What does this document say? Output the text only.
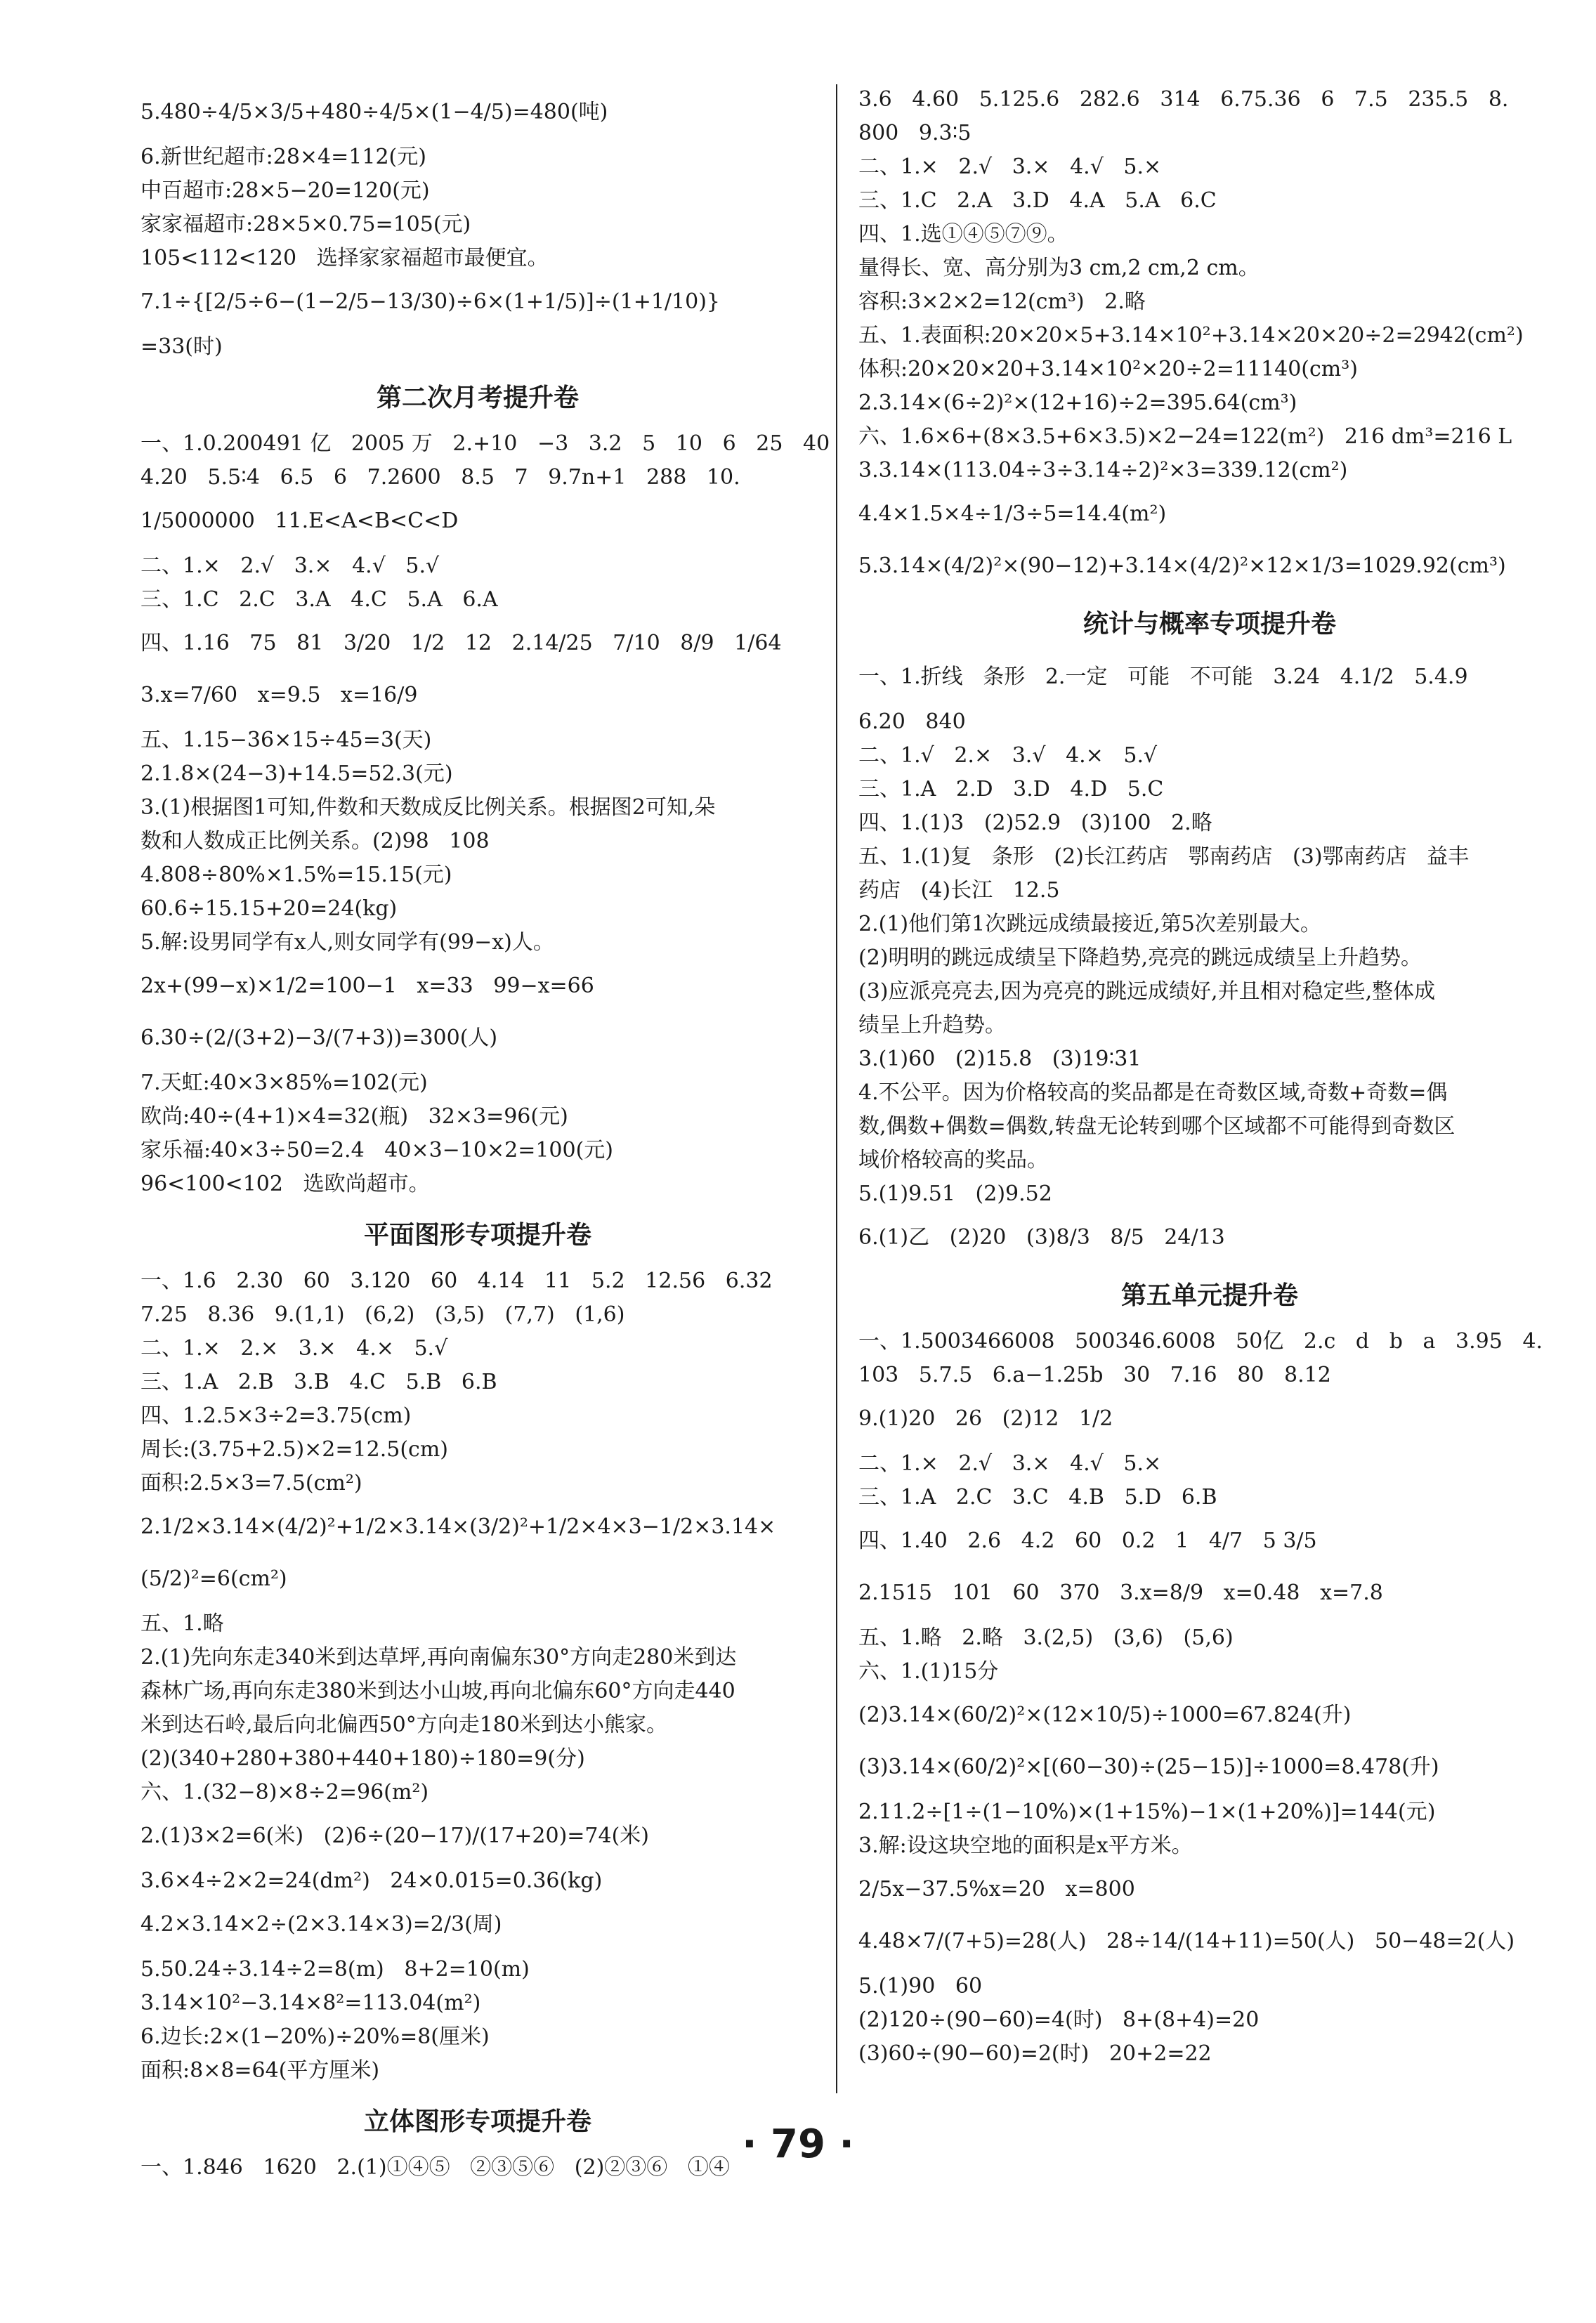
5.480÷4/5×3/5+480÷4/5×(1−4/5)=480(吨)
6.新世纪超市:28×4=112(元)
中百超市:28×5−20=120(元)
家家福超市:28×5×0.75=105(元)
105<112<120   选择家家福超市最便宜。
7.1÷{[2/5÷6−(1−2/5−13/30)÷6×(1+1/5)]÷(1+1/10)}
=33(时)
第二次月考提升卷
一、1.0.200491 亿   2005 万   2.+10   −3   3.2   5   10   6   25   40
4.20   5.5∶4   6.5   6   7.2600   8.5   7   9.7n+1   288   10.
1/5000000   11.E<A<B<C<D
二、1.×   2.√   3.×   4.√   5.√
三、1.C   2.C   3.A   4.C   5.A   6.A
四、1.16   75   81   3/20   1/2   12   2.14/25   7/10   8/9   1/64
3.x=7/60   x=9.5   x=16/9
五、1.15−36×15÷45=3(天)
2.1.8×(24−3)+14.5=52.3(元)
3.(1)根据图1可知,件数和天数成反比例关系。根据图2可知,朵
数和人数成正比例关系。(2)98   108
4.808÷80%×1.5%=15.15(元)
60.6÷15.15+20=24(kg)
5.解:设男同学有x人,则女同学有(99−x)人。
2x+(99−x)×1/2=100−1   x=33   99−x=66
6.30÷(2/(3+2)−3/(7+3))=300(人)
7.天虹:40×3×85%=102(元)
欧尚:40÷(4+1)×4=32(瓶)   32×3=96(元)
家乐福:40×3÷50=2.4   40×3−10×2=100(元)
96<100<102   选欧尚超市。
平面图形专项提升卷
一、1.6   2.30   60   3.120   60   4.14   11   5.2   12.56   6.32
7.25   8.36   9.(1,1)   (6,2)   (3,5)   (7,7)   (1,6)
二、1.×   2.×   3.×   4.×   5.√
三、1.A   2.B   3.B   4.C   5.B   6.B
四、1.2.5×3÷2=3.75(cm)
周长:(3.75+2.5)×2=12.5(cm)
面积:2.5×3=7.5(cm²)
2.1/2×3.14×(4/2)²+1/2×3.14×(3/2)²+1/2×4×3−1/2×3.14×
(5/2)²=6(cm²)
五、1.略
2.(1)先向东走340米到达草坪,再向南偏东30°方向走280米到达
森林广场,再向东走380米到达小山坡,再向北偏东60°方向走440
米到达石岭,最后向北偏西50°方向走180米到达小熊家。
(2)(340+280+380+440+180)÷180=9(分)
六、1.(32−8)×8÷2=96(m²)
2.(1)3×2=6(米)   (2)6÷(20−17)/(17+20)=74(米)
3.6×4÷2×2=24(dm²)   24×0.015=0.36(kg)
4.2×3.14×2÷(2×3.14×3)=2/3(周)
5.50.24÷3.14÷2=8(m)   8+2=10(m)
3.14×10²−3.14×8²=113.04(m²)
6.边长:2×(1−20%)÷20%=8(厘米)
面积:8×8=64(平方厘米)
立体图形专项提升卷
一、1.846   1620   2.(1)①④⑤   ②③⑤⑥   (2)②③⑥   ①④
3.6   4.60   5.125.6   282.6   314   6.75.36   6   7.5   235.5   8.
800   9.3∶5
二、1.×   2.√   3.×   4.√   5.×
三、1.C   2.A   3.D   4.A   5.A   6.C
四、1.选①④⑤⑦⑨。
量得长、宽、高分别为3 cm,2 cm,2 cm。
容积:3×2×2=12(cm³)   2.略
五、1.表面积:20×20×5+3.14×10²+3.14×20×20÷2=2942(cm²)
体积:20×20×20+3.14×10²×20÷2=11140(cm³)
2.3.14×(6÷2)²×(12+16)÷2=395.64(cm³)
六、1.6×6+(8×3.5+6×3.5)×2−24=122(m²)   216 dm³=216 L
3.3.14×(113.04÷3÷3.14÷2)²×3=339.12(cm²)
4.4×1.5×4÷1/3÷5=14.4(m²)
5.3.14×(4/2)²×(90−12)+3.14×(4/2)²×12×1/3=1029.92(cm³)
统计与概率专项提升卷
一、1.折线   条形   2.一定   可能   不可能   3.24   4.1/2   5.4.9
6.20   840
二、1.√   2.×   3.√   4.×   5.√
三、1.A   2.D   3.D   4.D   5.C
四、1.(1)3   (2)52.9   (3)100   2.略
五、1.(1)复   条形   (2)长江药店   鄂南药店   (3)鄂南药店   益丰
药店   (4)长江   12.5
2.(1)他们第1次跳远成绩最接近,第5次差别最大。
(2)明明的跳远成绩呈下降趋势,亮亮的跳远成绩呈上升趋势。
(3)应派亮亮去,因为亮亮的跳远成绩好,并且相对稳定些,整体成
绩呈上升趋势。
3.(1)60   (2)15.8   (3)19∶31
4.不公平。因为价格较高的奖品都是在奇数区域,奇数+奇数=偶
数,偶数+偶数=偶数,转盘无论转到哪个区域都不可能得到奇数区
域价格较高的奖品。
5.(1)9.51   (2)9.52
6.(1)乙   (2)20   (3)8/3   8/5   24/13
第五单元提升卷
一、1.5003466008   500346.6008   50亿   2.c   d   b   a   3.95   4.
103   5.7.5   6.a−1.25b   30   7.16   80   8.12
9.(1)20   26   (2)12   1/2
二、1.×   2.√   3.×   4.√   5.×
三、1.A   2.C   3.C   4.B   5.D   6.B
四、1.40   2.6   4.2   60   0.2   1   4/7   5 3/5
2.1515   101   60   370   3.x=8/9   x=0.48   x=7.8
五、1.略   2.略   3.(2,5)   (3,6)   (5,6)
六、1.(1)15分
(2)3.14×(60/2)²×(12×10/5)÷1000=67.824(升)
(3)3.14×(60/2)²×[(60−30)÷(25−15)]÷1000=8.478(升)
2.11.2÷[1÷(1−10%)×(1+15%)−1×(1+20%)]=144(元)
3.解:设这块空地的面积是x平方米。
2/5x−37.5%x=20   x=800
4.48×7/(7+5)=28(人)   28÷14/(14+11)=50(人)   50−48=2(人)
5.(1)90   60
(2)120÷(90−60)=4(时)   8+(8+4)=20
(3)60÷(90−60)=2(时)   20+2=22
· 79 ·
